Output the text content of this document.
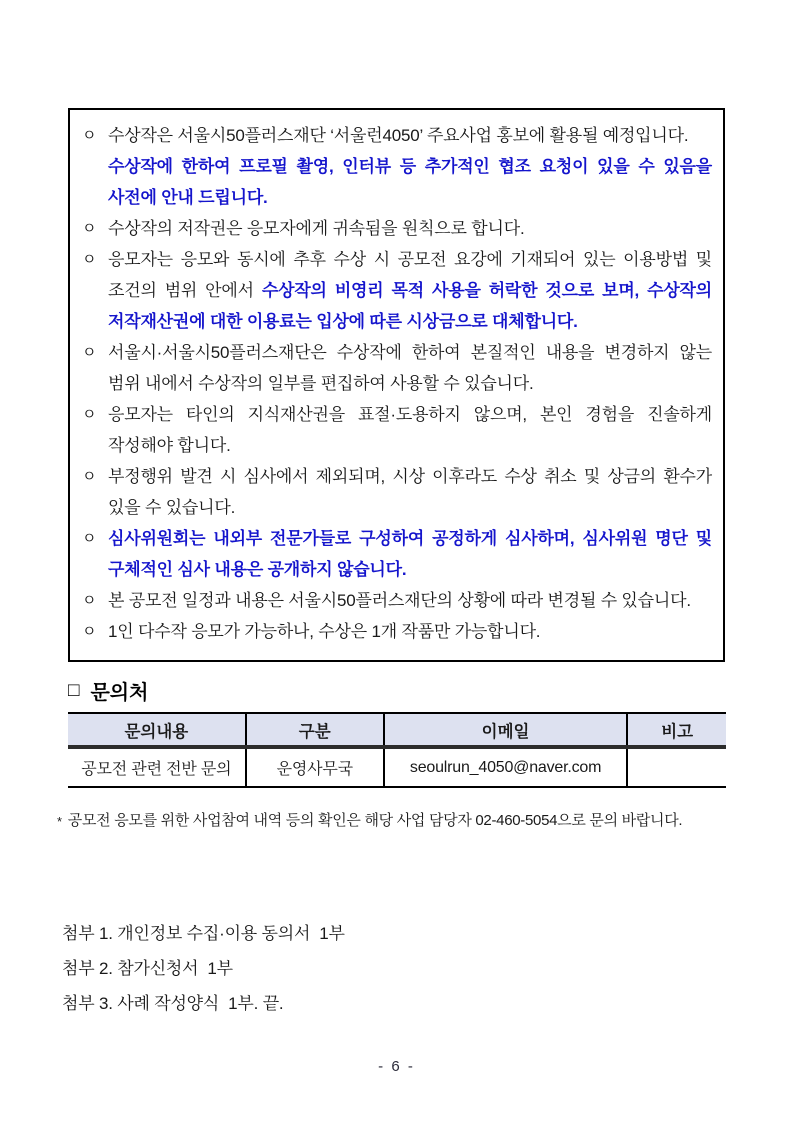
ㅇ 수상작은 서울시50플러스재단 ‘서울런4050’ 주요사업 홍보에 활용될 예정입니다.
수상작에 한하여 프로필 촬영, 인터뷰 등 추가적인 협조 요청이 있을 수 있음을 사전에 안내 드립니다.
ㅇ 수상작의 저작권은 응모자에게 귀속됨을 원칙으로 합니다.
ㅇ 응모자는 응모와 동시에 추후 수상 시 공모전 요강에 기재되어 있는 이용방법 및 조건의 범위 안에서 수상작의 비영리 목적 사용을 허락한 것으로 보며, 수상작의 저작재산권에 대한 이용료는 입상에 따른 시상금으로 대체합니다.
ㅇ 서울시·서울시50플러스재단은 수상작에 한하여 본질적인 내용을 변경하지 않는 범위 내에서 수상작의 일부를 편집하여 사용할 수 있습니다.
ㅇ 응모자는 타인의 지식재산권을 표절·도용하지 않으며, 본인 경험을 진솔하게 작성해야 합니다.
ㅇ 부정행위 발견 시 심사에서 제외되며, 시상 이후라도 수상 취소 및 상금의 환수가 있을 수 있습니다.
ㅇ 심사위원회는 내외부 전문가들로 구성하여 공정하게 심사하며, 심사위원 명단 및 구체적인 심사 내용은 공개하지 않습니다.
ㅇ 본 공모전 일정과 내용은 서울시50플러스재단의 상황에 따라 변경될 수 있습니다.
ㅇ 1인 다수작 응모가 가능하나, 수상은 1개 작품만 가능합니다.
□ 문의처
문의내용	구분	이메일	비고
공모전 관련 전반 문의	운영사무국	seoulrun_4050@naver.com	
* 공모전 응모를 위한 사업참여 내역 등의 확인은 해당 사업 담당자 02-460-5054으로 문의 바랍니다.
첨부 1. 개인정보 수집·이용 동의서  1부
첨부 2. 참가신청서  1부
첨부 3. 사례 작성양식  1부. 끝.
- 6 -
